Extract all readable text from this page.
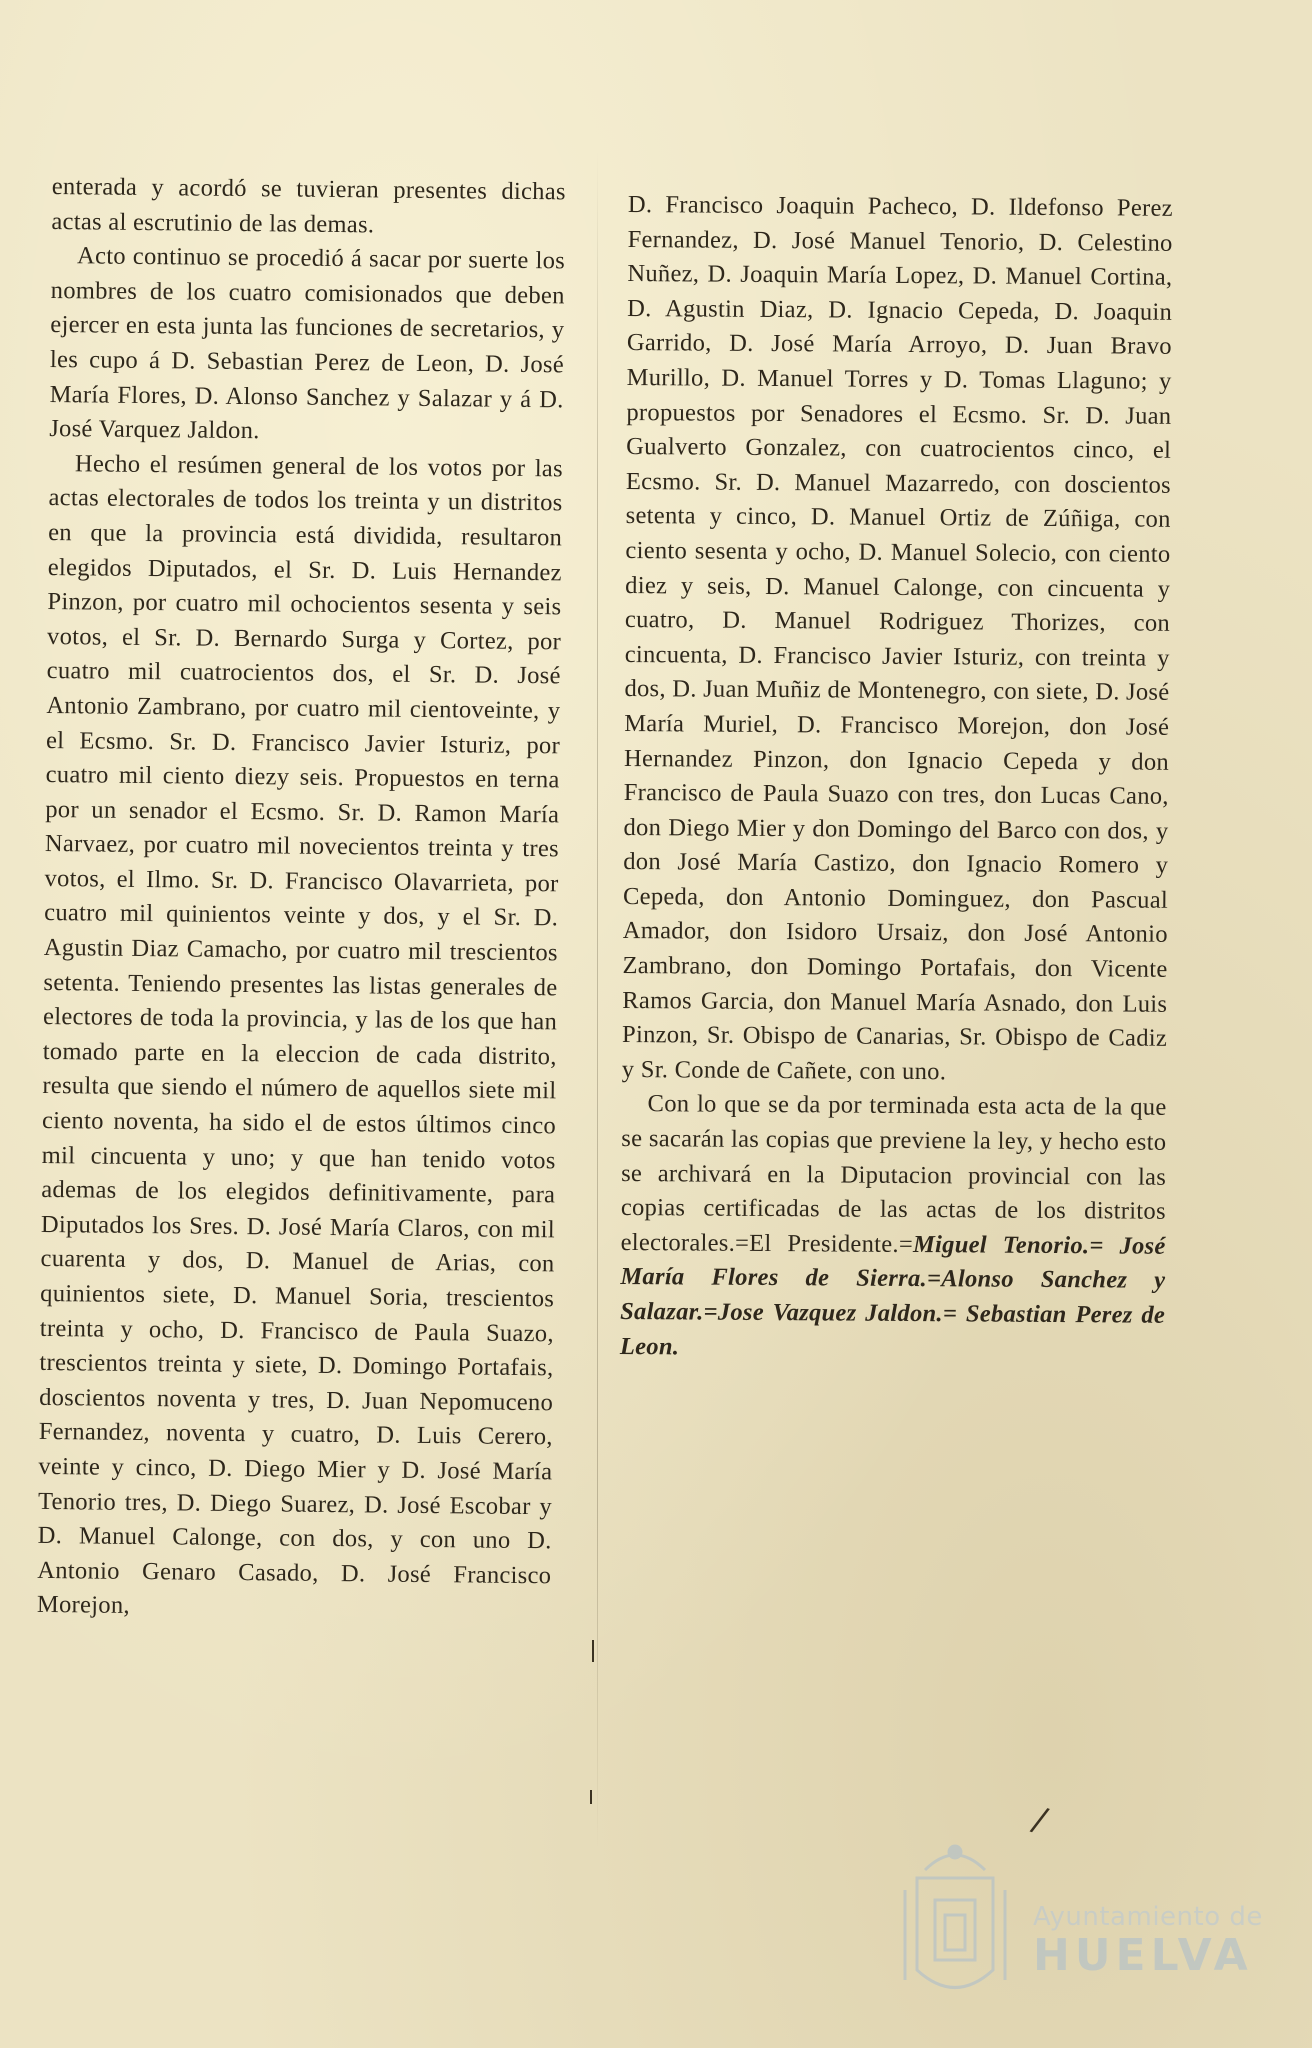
enterada y acordó se tuvieran presentes dichas actas al escrutinio de las demas.

Acto continuo se procedió á sacar por suerte los nombres de los cuatro comisionados que deben ejercer en esta junta las funciones de secretarios, y les cupo á D. Sebastian Perez de Leon, D. José María Flores, D. Alonso Sanchez y Salazar y á D. José Varquez Jaldon.

Hecho el resúmen general de los votos por las actas electorales de todos los treinta y un distritos en que la provincia está dividida, resultaron elegidos Diputados, el Sr. D. Luis Hernandez Pinzon, por cuatro mil ochocientos sesenta y seis votos, el Sr. D. Bernardo Surga y Cortez, por cuatro mil cuatrocientos dos, el Sr. D. José Antonio Zambrano, por cuatro mil cientoveinte, y el Ecsmo. Sr. D. Francisco Javier Isturiz, por cuatro mil ciento diezy seis. Propuestos en terna por un senador el Ecsmo. Sr. D. Ramon María Narvaez, por cuatro mil novecientos treinta y tres votos, el Ilmo. Sr. D. Francisco Olavarrieta, por cuatro mil quinientos veinte y dos, y el Sr. D. Agustin Diaz Camacho, por cuatro mil trescientos setenta. Teniendo presentes las listas generales de electores de toda la provincia, y las de los que han tomado parte en la eleccion de cada distrito, resulta que siendo el número de aquellos siete mil ciento noventa, ha sido el de estos últimos cinco mil cincuenta y uno; y que han tenido votos ademas de los elegidos definitivamente, para Diputados los Sres. D. José María Claros, con mil cuarenta y dos, D. Manuel de Arias, con quinientos siete, D. Manuel Soria, trescientos treinta y ocho, D. Francisco de Paula Suazo, trescientos treinta y siete, D. Domingo Portafais, doscientos noventa y tres, D. Juan Nepomuceno Fernandez, noventa y cuatro, D. Luis Cerero, veinte y cinco, D. Diego Mier y D. José María Tenorio tres, D. Diego Suarez, D. José Escobar y D. Manuel Calonge, con dos, y con uno D. Antonio Genaro Casado, D. José Francisco Morejon,

D. Francisco Joaquin Pacheco, D. Ildefonso Perez Fernandez, D. José Manuel Tenorio, D. Celestino Nuñez, D. Joaquin María Lopez, D. Manuel Cortina, D. Agustin Diaz, D. Ignacio Cepeda, D. Joaquin Garrido, D. José María Arroyo, D. Juan Bravo Murillo, D. Manuel Torres y D. Tomas Llaguno; y propuestos por Senadores el Ecsmo. Sr. D. Juan Gualverto Gonzalez, con cuatrocientos cinco, el Ecsmo. Sr. D. Manuel Mazarredo, con doscientos setenta y cinco, D. Manuel Ortiz de Zúñiga, con ciento sesenta y ocho, D. Manuel Solecio, con ciento diez y seis, D. Manuel Calonge, con cincuenta y cuatro, D. Manuel Rodriguez Thorizes, con cincuenta, D. Francisco Javier Isturiz, con treinta y dos, D. Juan Muñiz de Montenegro, con siete, D. José María Muriel, D. Francisco Morejon, don José Hernandez Pinzon, don Ignacio Cepeda y don Francisco de Paula Suazo con tres, don Lucas Cano, don Diego Mier y don Domingo del Barco con dos, y don José María Castizo, don Ignacio Romero y Cepeda, don Antonio Dominguez, don Pascual Amador, don Isidoro Ursaiz, don José Antonio Zambrano, don Domingo Portafais, don Vicente Ramos Garcia, don Manuel María Asnado, don Luis Pinzon, Sr. Obispo de Canarias, Sr. Obispo de Cadiz y Sr. Conde de Cañete, con uno.

Con lo que se da por terminada esta acta de la que se sacarán las copias que previene la ley, y hecho esto se archivará en la Diputacion provincial con las copias certificadas de las actas de los distritos electorales.=El Presidente.=Miguel Tenorio.= José María Flores de Sierra.=Alonso Sanchez y Salazar.=Jose Vazquez Jaldon.= Sebastian Perez de Leon.

/
Ayuntamiento de
HUELVA
